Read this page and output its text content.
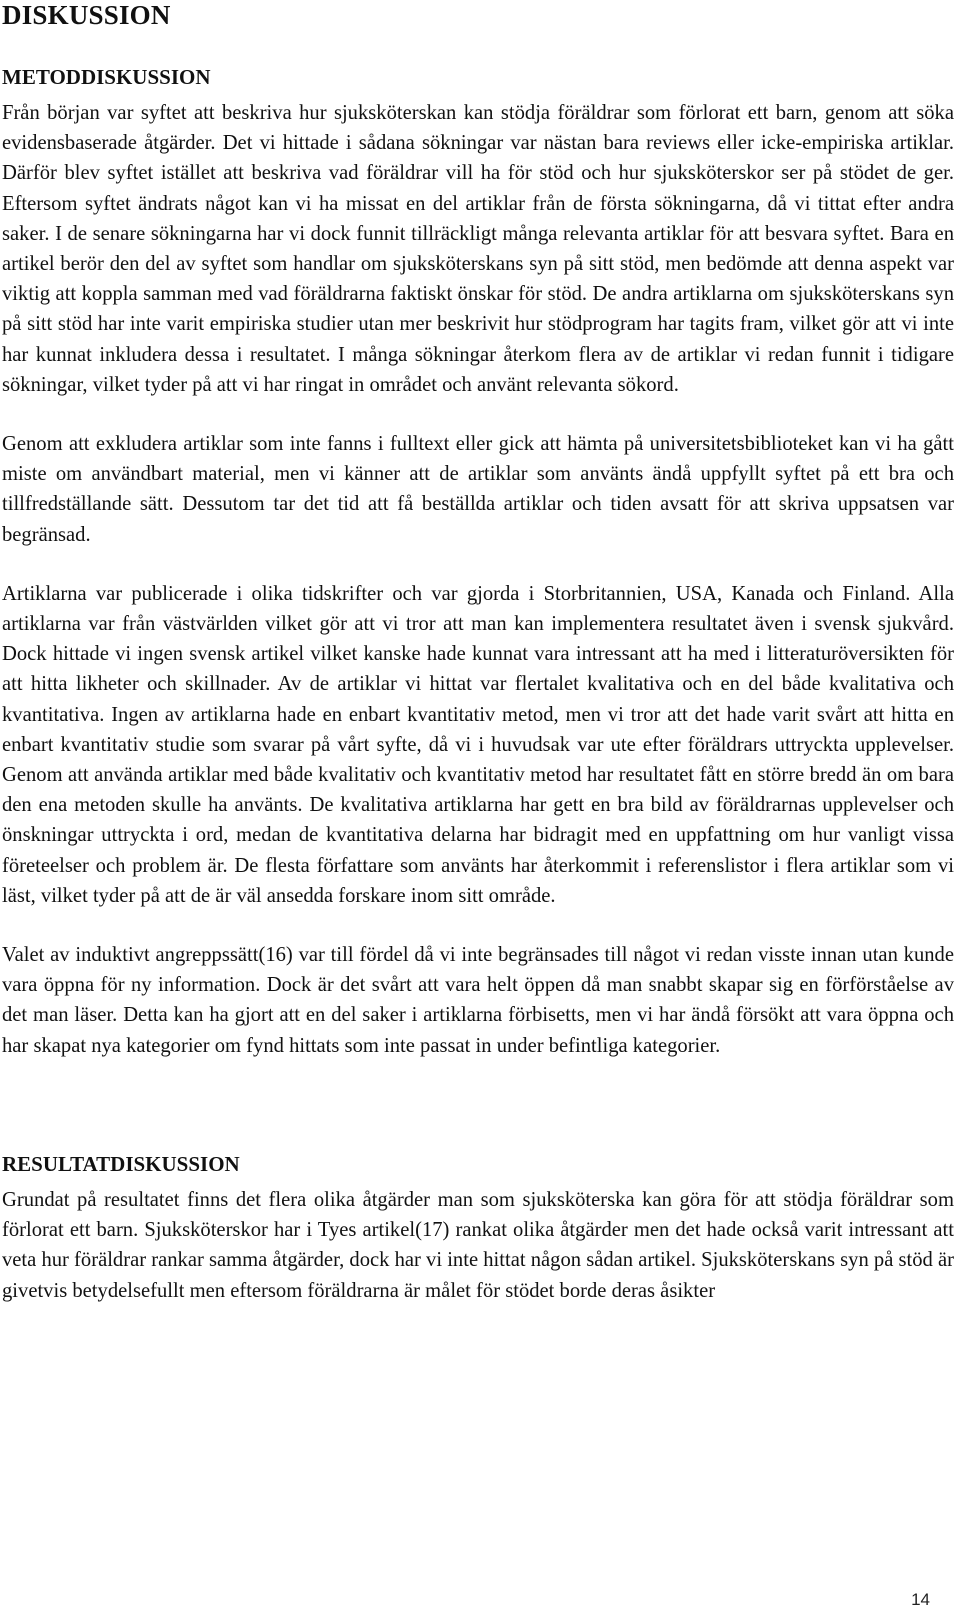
DISKUSSION
METODDISKUSSION

Från början var syftet att beskriva hur sjuksköterskan kan stödja föräldrar som förlorat ett barn, genom att söka evidensbaserade åtgärder. Det vi hittade i sådana sökningar var nästan bara reviews eller icke-empiriska artiklar. Därför blev syftet istället att beskriva vad föräldrar vill ha för stöd och hur sjuksköterskor ser på stödet de ger. Eftersom syftet ändrats något kan vi ha missat en del artiklar från de första sökningarna, då vi tittat efter andra saker. I de senare sökningarna har vi dock funnit tillräckligt många relevanta artiklar för att besvara syftet. Bara en artikel berör den del av syftet som handlar om sjuksköterskans syn på sitt stöd, men bedömde att denna aspekt var viktig att koppla samman med vad föräldrarna faktiskt önskar för stöd. De andra artiklarna om sjuksköterskans syn på sitt stöd har inte varit empiriska studier utan mer beskrivit hur stödprogram har tagits fram, vilket gör att vi inte har kunnat inkludera dessa i resultatet. I många sökningar återkom flera av de artiklar vi redan funnit i tidigare sökningar, vilket tyder på att vi har ringat in området och använt relevanta sökord.

Genom att exkludera artiklar som inte fanns i fulltext eller gick att hämta på universitetsbiblioteket kan vi ha gått miste om användbart material, men vi känner att de artiklar som använts ändå uppfyllt syftet på ett bra och tillfredställande sätt. Dessutom tar det tid att få beställda artiklar och tiden avsatt för att skriva uppsatsen var begränsad.

Artiklarna var publicerade i olika tidskrifter och var gjorda i Storbritannien, USA, Kanada och Finland. Alla artiklarna var från västvärlden vilket gör att vi tror att man kan implementera resultatet även i svensk sjukvård. Dock hittade vi ingen svensk artikel vilket kanske hade kunnat vara intressant att ha med i litteraturöversikten för att hitta likheter och skillnader. Av de artiklar vi hittat var flertalet kvalitativa och en del både kvalitativa och kvantitativa. Ingen av artiklarna hade en enbart kvantitativ metod, men vi tror att det hade varit svårt att hitta en enbart kvantitativ studie som svarar på vårt syfte, då vi i huvudsak var ute efter föräldrars uttryckta upplevelser. Genom att använda artiklar med både kvalitativ och kvantitativ metod har resultatet fått en större bredd än om bara den ena metoden skulle ha använts. De kvalitativa artiklarna har gett en bra bild av föräldrarnas upplevelser och önskningar uttryckta i ord, medan de kvantitativa delarna har bidragit med en uppfattning om hur vanligt vissa företeelser och problem är. De flesta författare som använts har återkommit i referenslistor i flera artiklar som vi läst, vilket tyder på att de är väl ansedda forskare inom sitt område.

Valet av induktivt angreppssätt(16) var till fördel då vi inte begränsades till något vi redan visste innan utan kunde vara öppna för ny information. Dock är det svårt att vara helt öppen då man snabbt skapar sig en förförståelse av det man läser. Detta kan ha gjort att en del saker i artiklarna förbisetts, men vi har ändå försökt att vara öppna och har skapat nya kategorier om fynd hittats som inte passat in under befintliga kategorier.

RESULTATDISKUSSION

Grundat på resultatet finns det flera olika åtgärder man som sjuksköterska kan göra för att stödja föräldrar som förlorat ett barn. Sjuksköterskor har i Tyes artikel(17) rankat olika åtgärder men det hade också varit intressant att veta hur föräldrar rankar samma åtgärder, dock har vi inte hittat någon sådan artikel. Sjuksköterskans syn på stöd är givetvis betydelsefullt men eftersom föräldrarna är målet för stödet borde deras åsikter

14
